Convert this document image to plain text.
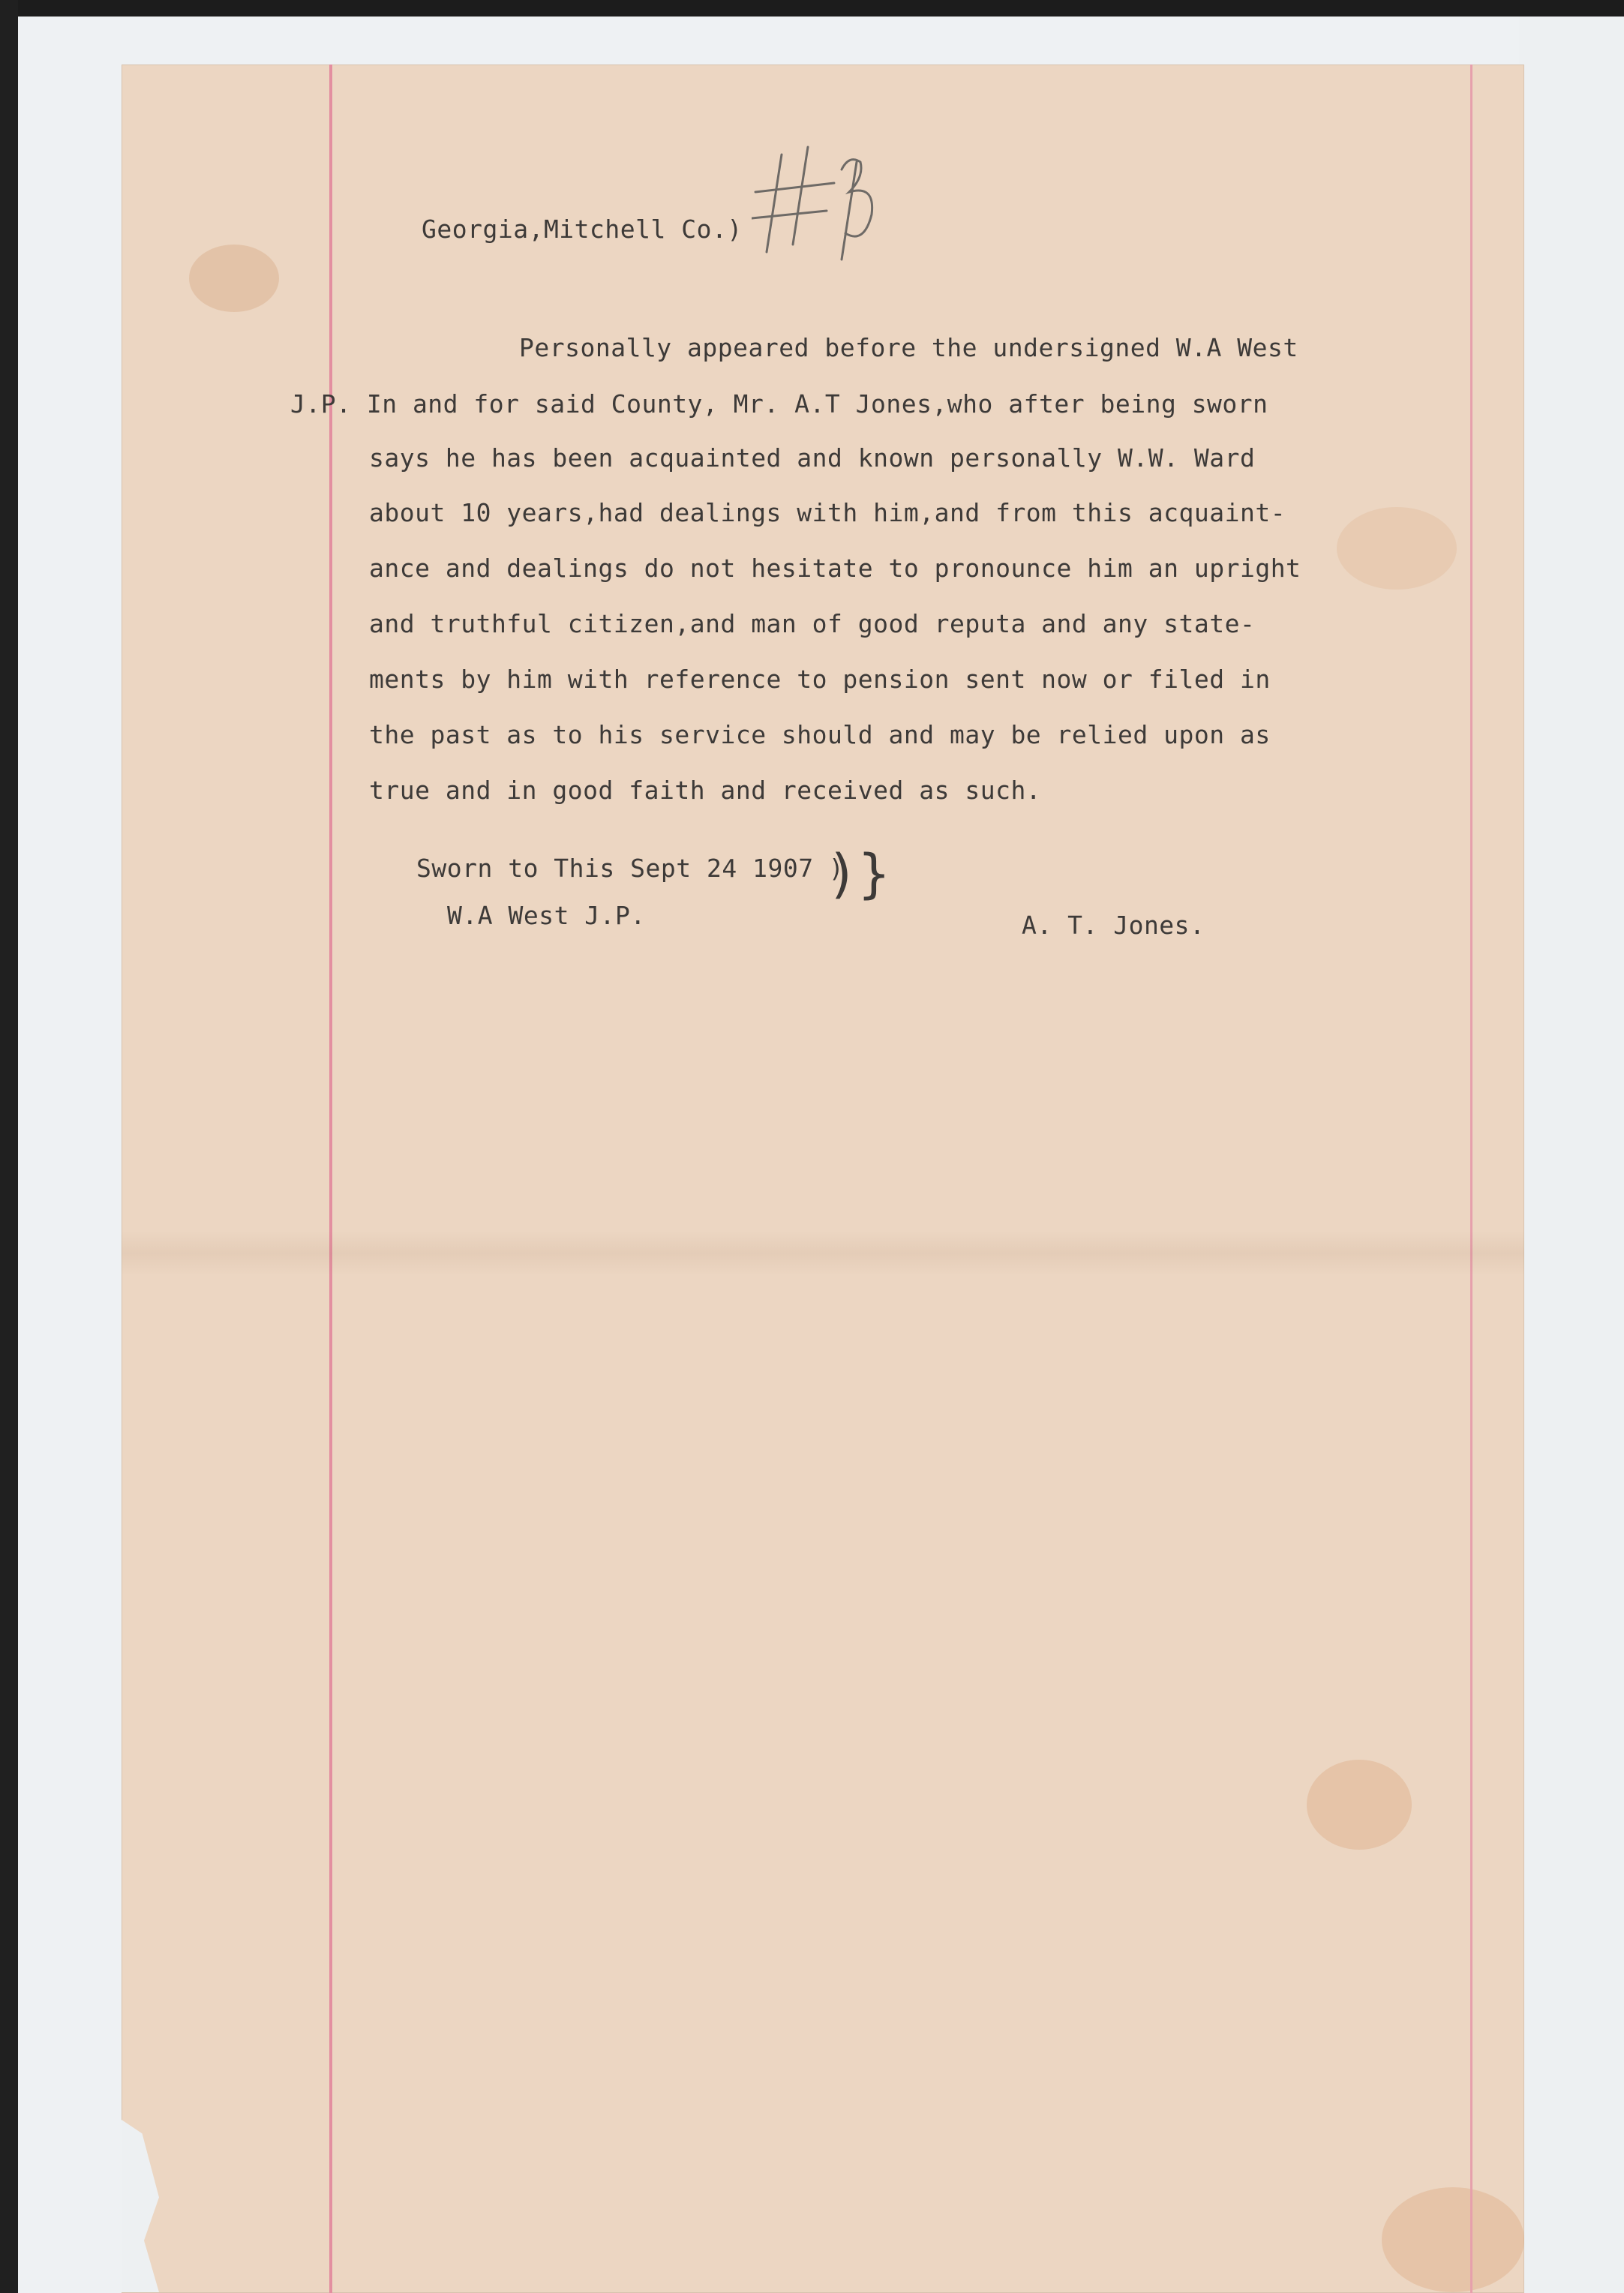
Georgia,Mitchell Co.)
Personally appeared before the undersigned W.A West
J.P. In and for said County, Mr. A.T Jones,who after being sworn
says he has been acquainted and known personally W.W. Ward
about 10 years,had dealings with him,and from this acquaint-
ance and dealings do not hesitate to pronounce him an upright
and truthful citizen,and man of good reputa and any state-
ments by him with reference to pension sent now or filed in
the past as to his service should and may be relied upon as
true and in good faith and received as such.
Sworn to This Sept 24 1907 )
W.A West J.P.
)}
A. T. Jones.
